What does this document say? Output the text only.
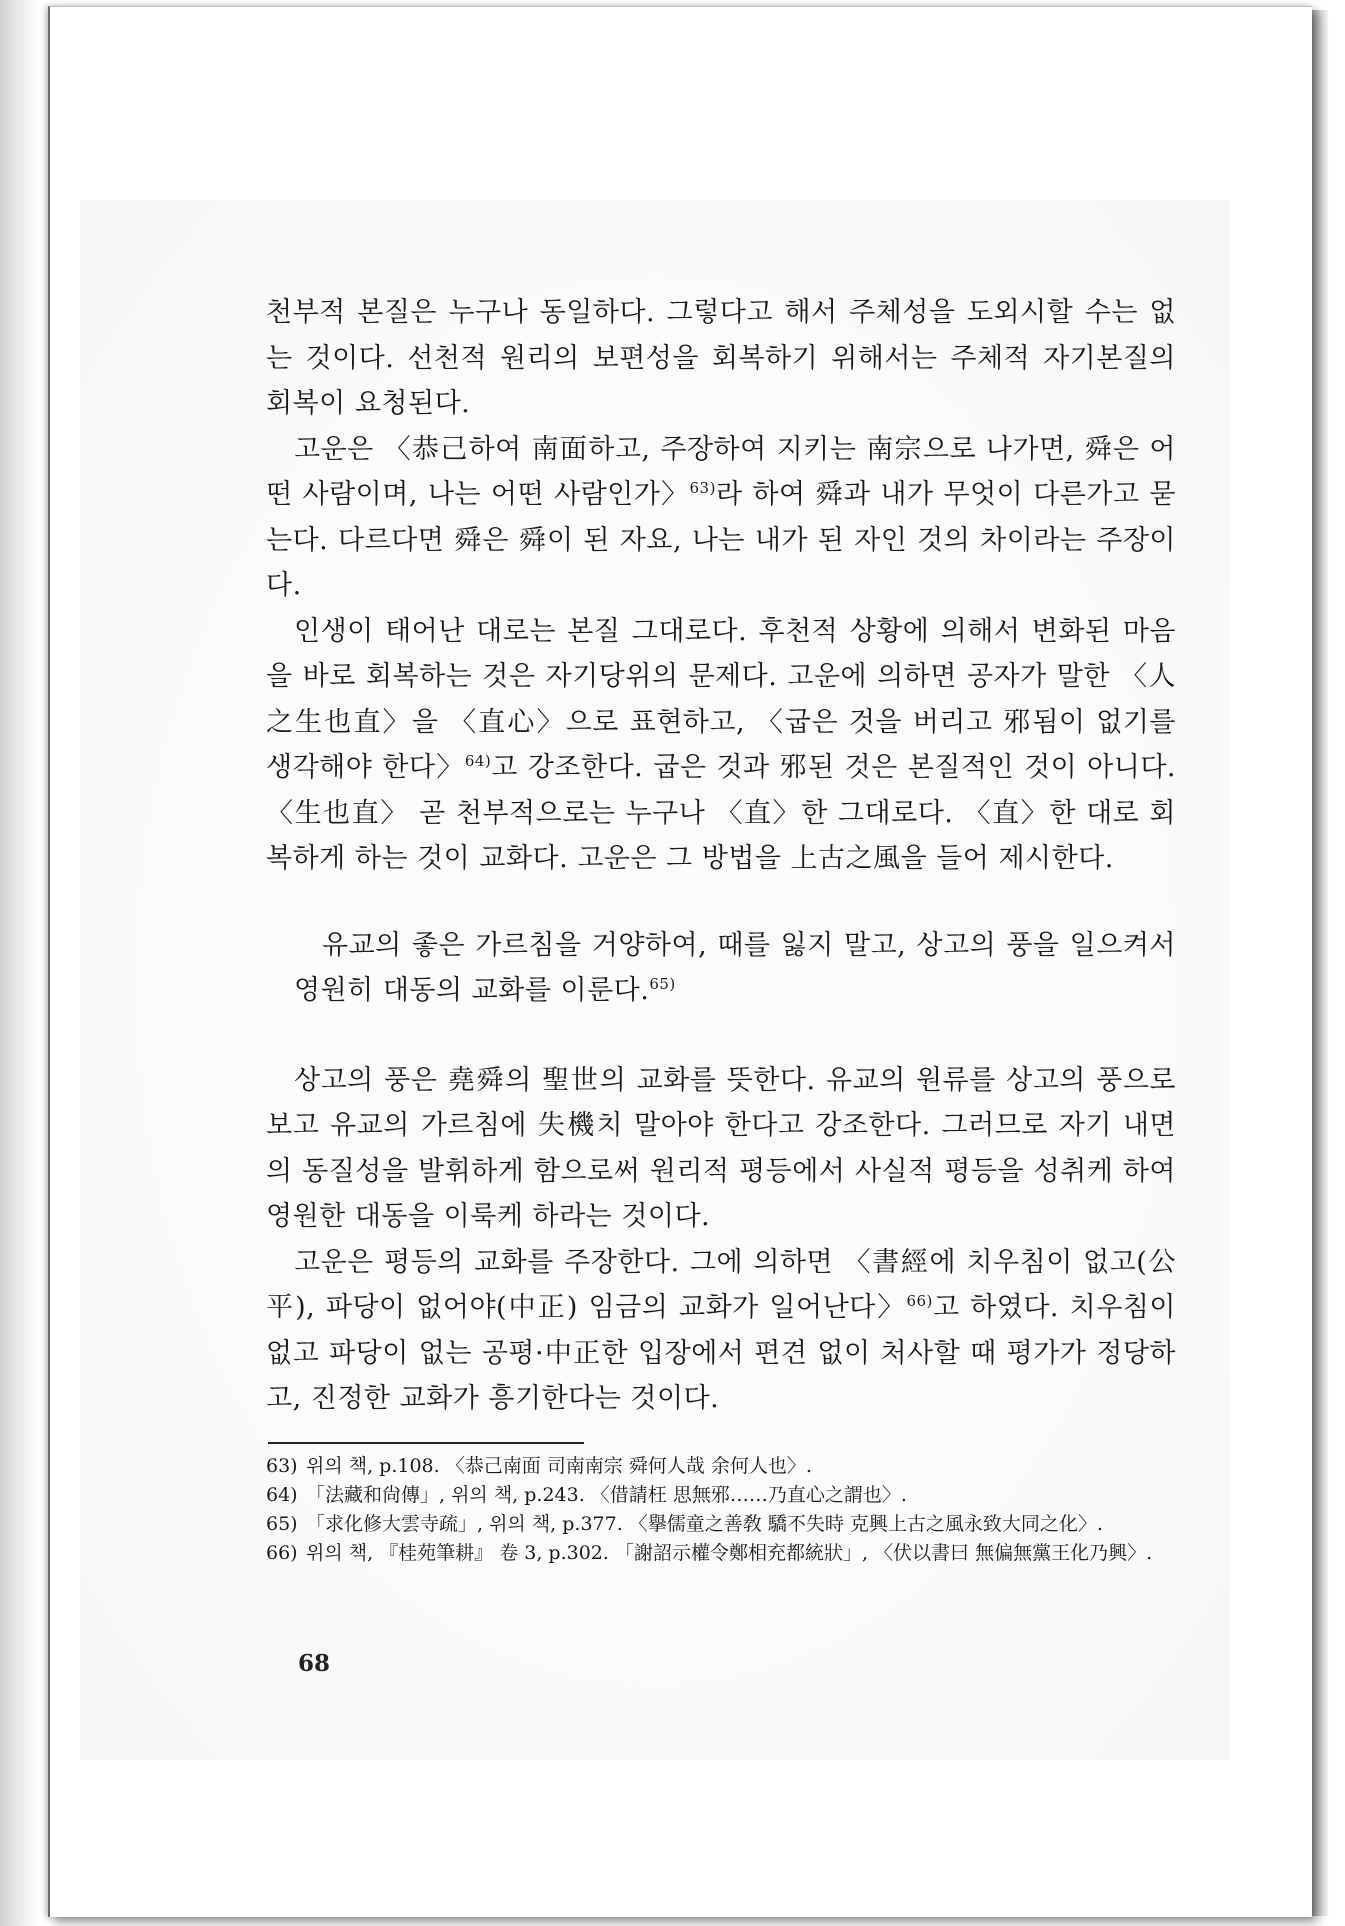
천부적 본질은 누구나 동일하다. 그렇다고 해서 주체성을 도외시할 수는 없는 것이다. 선천적 원리의 보편성을 회복하기 위해서는 주체적 자기본질의 회복이 요청된다.

고운은 〈恭己하여 南面하고, 주장하여 지키는 南宗으로 나가면, 舜은 어떤 사람이며, 나는 어떤 사람인가〉$^{63)}$라 하여 舜과 내가 무엇이 다른가고 묻는다. 다르다면 舜은 舜이 된 자요, 나는 내가 된 자인 것의 차이라는 주장이다.

인생이 태어난 대로는 본질 그대로다. 후천적 상황에 의해서 변화된 마음을 바로 회복하는 것은 자기당위의 문제다. 고운에 의하면 공자가 말한 〈人之生也直〉을 〈直心〉으로 표현하고, 〈굽은 것을 버리고 邪됨이 없기를 생각해야 한다〉$^{64)}$고 강조한다. 굽은 것과 邪된 것은 본질적인 것이 아니다. 〈生也直〉 곧 천부적으로는 누구나 〈直〉한 그대로다. 〈直〉한 대로 회복하게 하는 것이 교화다. 고운은 그 방법을 上古之風을 들어 제시한다.

유교의 좋은 가르침을 거양하여, 때를 잃지 말고, 상고의 풍을 일으켜서 영원히 대동의 교화를 이룬다.$^{65)}$

상고의 풍은 堯舜의 聖世의 교화를 뜻한다. 유교의 원류를 상고의 풍으로 보고 유교의 가르침에 失機치 말아야 한다고 강조한다. 그러므로 자기 내면의 동질성을 발휘하게 함으로써 원리적 평등에서 사실적 평등을 성취케 하여 영원한 대동을 이룩케 하라는 것이다.

고운은 평등의 교화를 주장한다. 그에 의하면 〈書經에 치우침이 없고(公平), 파당이 없어야(中正) 임금의 교화가 일어난다〉$^{66)}$고 하였다. 치우침이 없고 파당이 없는 공평·中正한 입장에서 편견 없이 처사할 때 평가가 정당하고, 진정한 교화가 흥기한다는 것이다.

63) 위의 책, p.108. 〈恭己南面 司南南宗 舜何人哉 余何人也〉.
64) 「法藏和尙傳」, 위의 책, p.243. 〈借請枉 思無邪……乃直心之謂也〉.
65) 「求化修大雲寺疏」, 위의 책, p.377. 〈擧儒童之善敎 驕不失時 克興上古之風永致大同之化〉.
66) 위의 책, 『桂苑筆耕』 卷 3, p.302. 「謝詔示權令鄭相充都統狀」, 〈伏以書曰 無偏無黨王化乃興〉.
68
